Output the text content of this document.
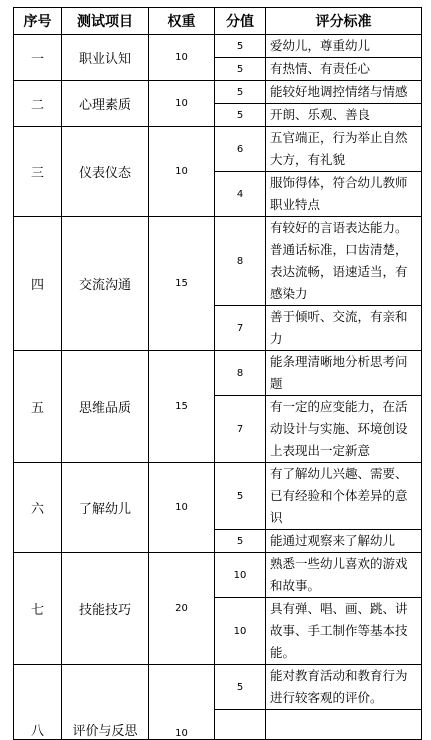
序号	测试项目	权重	分值	评分标准
一	职业认知	10	5	爱幼儿，尊重幼儿
			5	有热情、有责任心
二	心理素质	10	5	能较好地调控情绪与情感
			5	开朗、乐观、善良
三	仪表仪态	10	6	五官端正，行为举止自然大方，有礼貌
			4	服饰得体，符合幼儿教师职业特点
四	交流沟通	15	8	有较好的言语表达能力。普通话标准，口齿清楚，表达流畅，语速适当，有感染力
			7	善于倾听、交流，有亲和力
五	思维品质	15	8	能条理清晰地分析思考问题
			7	有一定的应变能力，在活动设计与实施、环境创设上表现出一定新意
六	了解幼儿	10	5	有了解幼儿兴趣、需要、已有经验和个体差异的意识
			5	能通过观察来了解幼儿
七	技能技巧	20	10	熟悉一些幼儿喜欢的游戏和故事。
			10	具有弹、唱、画、跳、讲故事、手工制作等基本技能。
八	评价与反思	10	5	能对教育活动和教育行为进行较客观的评价。
